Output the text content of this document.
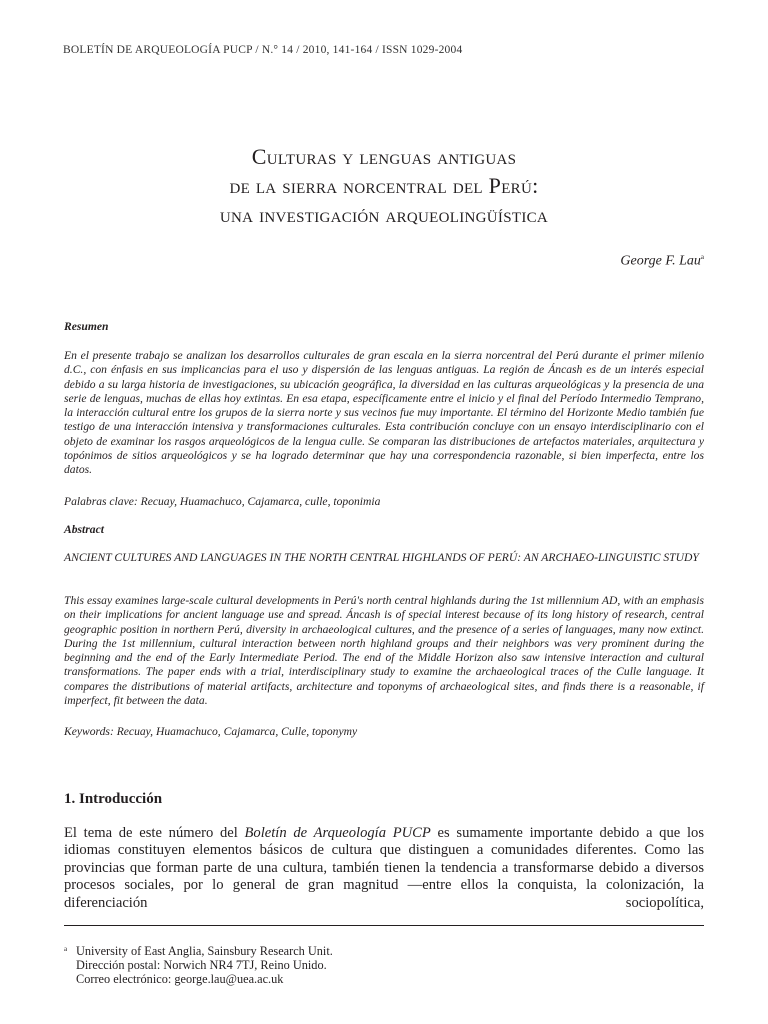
BOLETÍN DE ARQUEOLOGÍA PUCP / N.° 14 / 2010, 141-164 / ISSN 1029-2004
Culturas y lenguas antiguas
de la sierra norcentral del Perú:
una investigación arqueolingüística
George F. Lau$^a$
Resumen
En el presente trabajo se analizan los desarrollos culturales de gran escala en la sierra norcentral del Perú durante el primer milenio d.C., con énfasis en sus implicancias para el uso y dispersión de las lenguas antiguas. La región de Áncash es de un interés especial debido a su larga historia de investigaciones, su ubicación geográfica, la diversidad en las culturas arqueológicas y la presencia de una serie de lenguas, muchas de ellas hoy extintas. En esa etapa, específicamente entre el inicio y el final del Período Intermedio Temprano, la interacción cultural entre los grupos de la sierra norte y sus vecinos fue muy importante. El término del Horizonte Medio también fue testigo de una interacción intensiva y transformaciones culturales. Esta contribución concluye con un ensayo interdisciplinario con el objeto de examinar los rasgos arqueológicos de la lengua culle. Se comparan las distribuciones de artefactos materiales, arquitectura y topónimos de sitios arqueológicos y se ha logrado determinar que hay una correspondencia razonable, si bien imperfecta, entre los datos.
Palabras clave: Recuay, Huamachuco, Cajamarca, culle, toponimia
Abstract
ANCIENT CULTURES AND LANGUAGES IN THE NORTH CENTRAL HIGHLANDS OF PERÚ: AN ARCHAEO-LINGUISTIC STUDY
This essay examines large-scale cultural developments in Perú's north central highlands during the 1st millennium AD, with an emphasis on their implications for ancient language use and spread. Áncash is of special interest because of its long history of research, central geographic position in northern Perú, diversity in archaeological cultures, and the presence of a series of languages, many now extinct. During the 1st millennium, cultural interaction between north highland groups and their neighbors was very prominent during the beginning and the end of the Early Intermediate Period. The end of the Middle Horizon also saw intensive interaction and cultural transformations. The paper ends with a trial, interdisciplinary study to examine the archaeological traces of the Culle language. It compares the distributions of material artifacts, architecture and toponyms of archaeological sites, and finds there is a reasonable, if imperfect, fit between the data.
Keywords: Recuay, Huamachuco, Cajamarca, Culle, toponymy
1. Introducción
El tema de este número del Boletín de Arqueología PUCP es sumamente importante debido a que los idiomas constituyen elementos básicos de cultura que distinguen a comunidades diferentes. Como las provincias que forman parte de una cultura, también tienen la tendencia a transformarse debido a diversos procesos sociales, por lo general de gran magnitud —entre ellos la conquista, la colonización, la diferenciación sociopolítica,
a University of East Anglia, Sainsbury Research Unit.
Dirección postal: Norwich NR4 7TJ, Reino Unido.
Correo electrónico: george.lau@uea.ac.uk
